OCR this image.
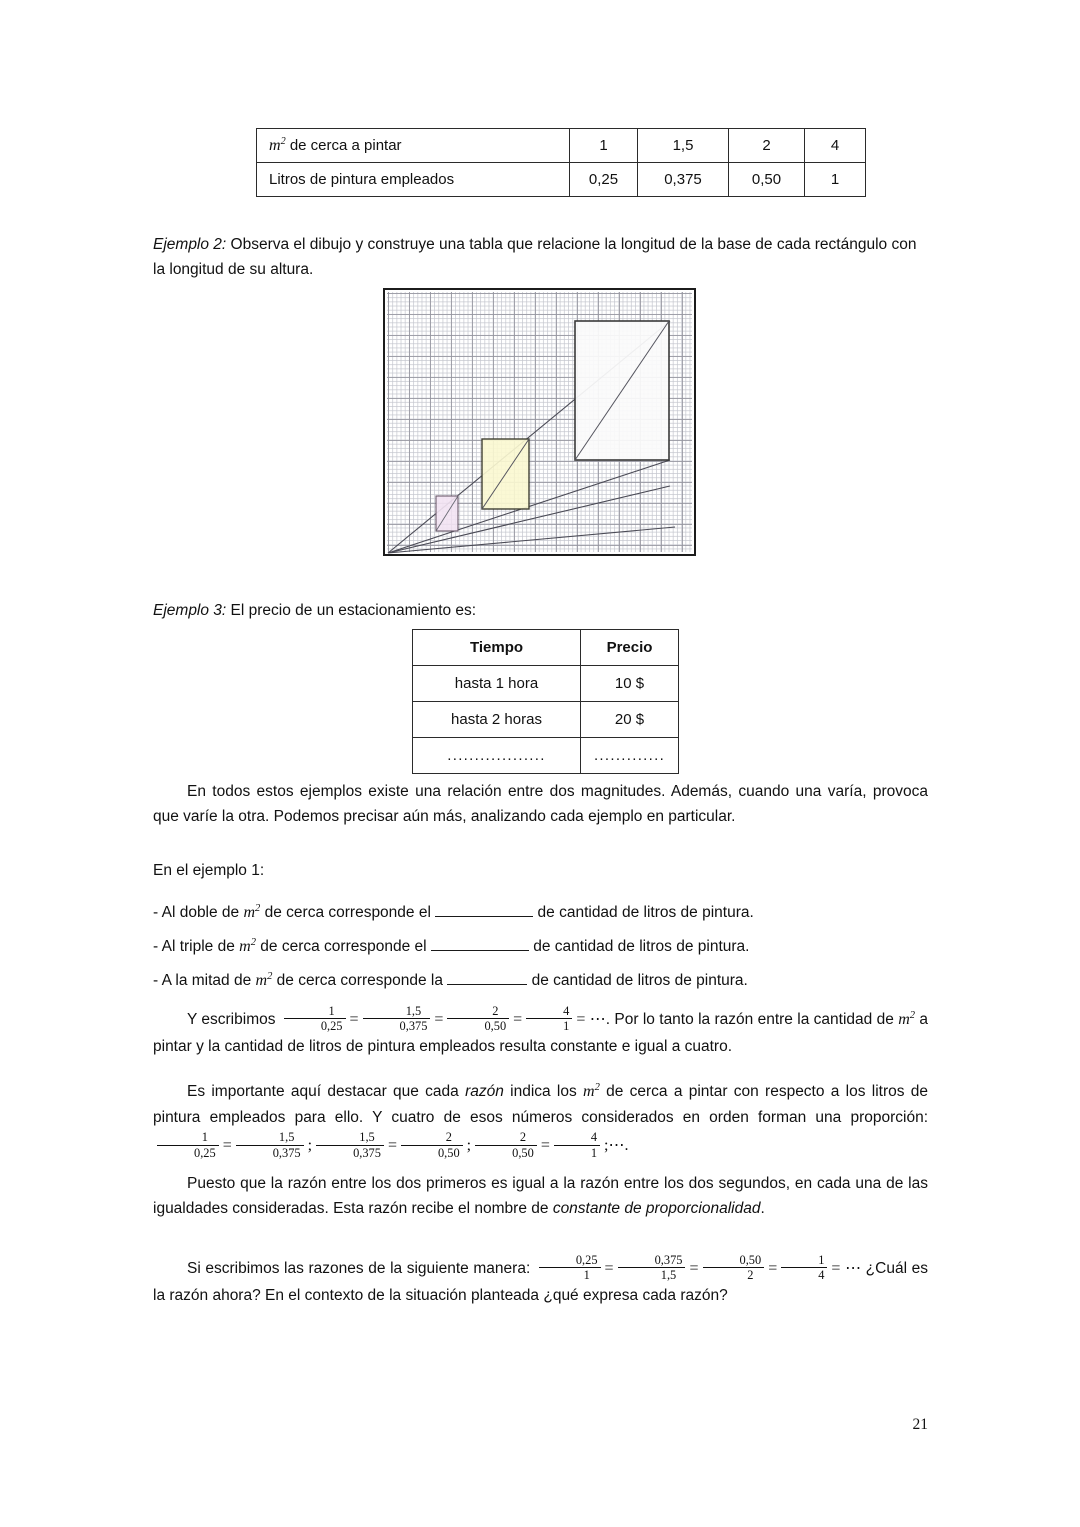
$m^2$ de cerca a pintar	1	1,5	2	4
Litros de pintura empleados	0,25	0,375	0,50	1
Ejemplo 2: Observa el dibujo y construye una tabla que relacione la longitud de la base de cada rectángulo con la longitud de su altura.
Ejemplo 3: El precio de un estacionamiento es:
Tiempo	Precio
hasta 1 hora	10 $
hasta 2 horas	20 $
..................	.............
En todos estos ejemplos existe una relación entre dos magnitudes. Además, cuando una varía, provoca que varíe la otra. Podemos precisar aún más, analizando cada ejemplo en particular.
En el ejemplo 1:
- Al doble de $m^2$ de cerca corresponde el	de cantidad de litros de pintura.
- Al triple de $m^2$ de cerca corresponde el	de cantidad de litros de pintura.
- A la mitad de $m^2$ de cerca corresponde la	de cantidad de litros de pintura.
Y escribimos $\frac{1}{0,25} = \frac{1,5}{0,375} = \frac{2}{0,50} = \frac{4}{1}$ = ⋯. Por lo tanto la razón entre la cantidad de $m^2$ a pintar y la cantidad de litros de pintura empleados resulta constante e igual a cuatro.
Es importante aquí destacar que cada razón indica los $m^2$ de cerca a pintar con respecto a los litros de pintura empleados para ello. Y cuatro de esos números considerados en orden forman una proporción:
$\frac{1}{0,25} = \frac{1,5}{0,375}$ ; $\frac{1,5}{0,375} = \frac{2}{0,50}$ ; $\frac{2}{0,50} = \frac{4}{1}$ ;⋯.
Puesto que la razón entre los dos primeros es igual a la razón entre los dos segundos, en cada una de las igualdades consideradas. Esta razón recibe el nombre de constante de proporcionalidad.
Si escribimos las razones de la siguiente manera: $\frac{0,25}{1} = \frac{0,375}{1,5} = \frac{0,50}{2} = \frac{1}{4}$ = ⋯ ¿Cuál es la razón ahora? En el contexto de la situación planteada ¿qué expresa cada razón?
21
